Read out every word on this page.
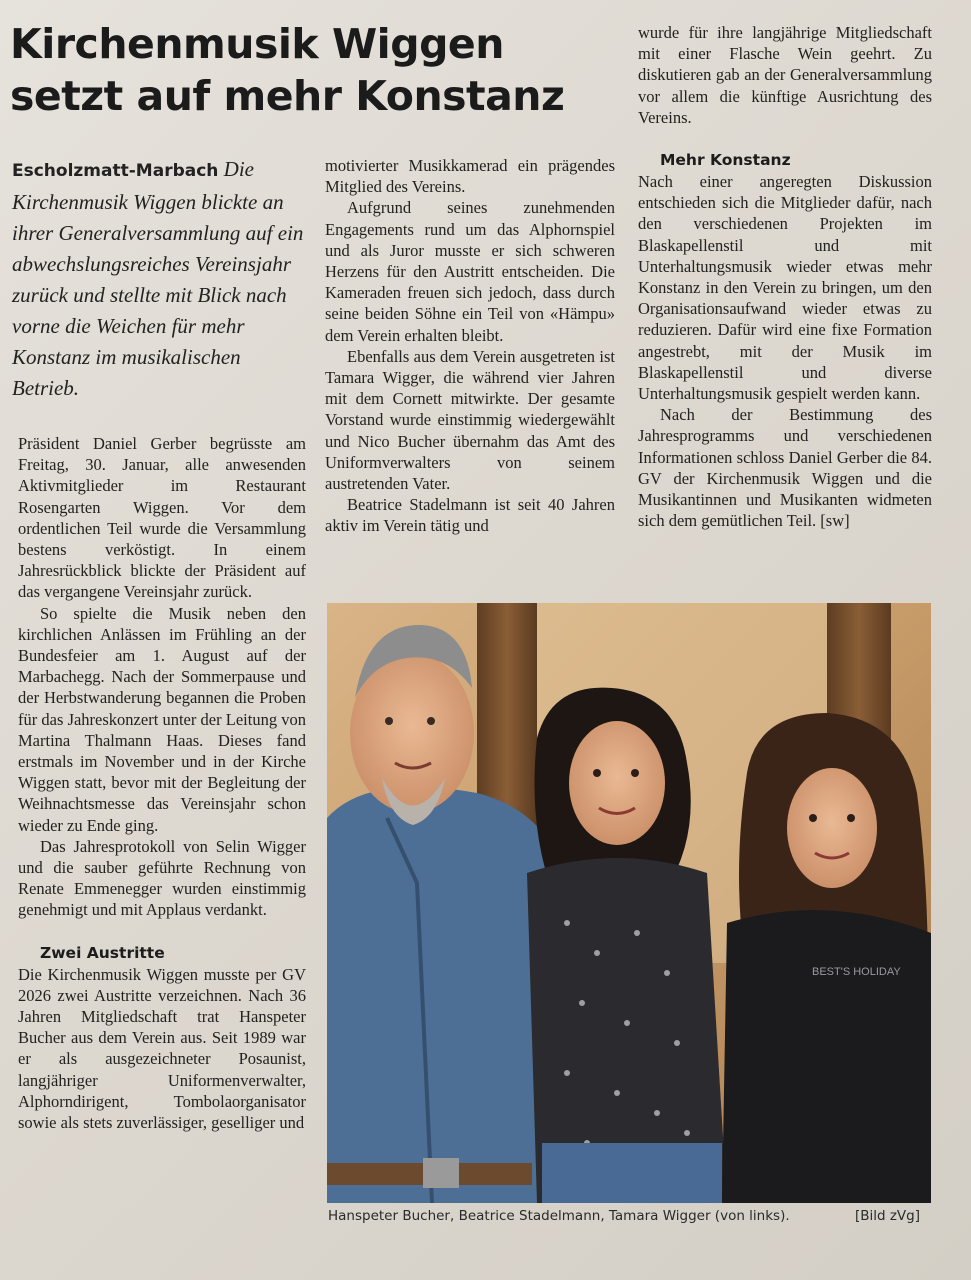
Kirchenmusik Wiggen setzt auf mehr Konstanz
Escholzmatt-Marbach Die Kirchenmusik Wiggen blickte an ihrer Generalversammlung auf ein abwechslungsreiches Vereinsjahr zurück und stellte mit Blick nach vorne die Weichen für mehr Konstanz im musikalischen Betrieb.

Präsident Daniel Gerber begrüsste am Freitag, 30. Januar, alle anwesenden Aktivmitglieder im Restaurant Rosengarten Wiggen. Vor dem ordentlichen Teil wurde die Versammlung bestens verköstigt. In einem Jahresrückblick blickte der Präsident auf das vergangene Vereinsjahr zurück.

So spielte die Musik neben den kirchlichen Anlässen im Frühling an der Bundesfeier am 1. August auf der Marbachegg. Nach der Sommerpause und der Herbstwanderung begannen die Proben für das Jahreskonzert unter der Leitung von Martina Thalmann Haas. Dieses fand erstmals im November und in der Kirche Wiggen statt, bevor mit der Begleitung der Weihnachtsmesse das Vereinsjahr schon wieder zu Ende ging.

Das Jahresprotokoll von Selin Wigger und die sauber geführte Rechnung von Renate Emmenegger wurden einstimmig genehmigt und mit Applaus verdankt.

Zwei Austritte

Die Kirchenmusik Wiggen musste per GV 2026 zwei Austritte verzeichnen. Nach 36 Jahren Mitgliedschaft trat Hanspeter Bucher aus dem Verein aus. Seit 1989 war er als ausgezeichneter Posaunist, langjähriger Uniformenverwalter, Alphorndirigent, Tombolaorganisator sowie als stets zuverlässiger, geselliger und

motivierter Musikkamerad ein prägendes Mitglied des Vereins.

Aufgrund seines zunehmenden Engagements rund um das Alphornspiel und als Juror musste er sich schweren Herzens für den Austritt entscheiden. Die Kameraden freuen sich jedoch, dass durch seine beiden Söhne ein Teil von «Hämpu» dem Verein erhalten bleibt.

Ebenfalls aus dem Verein ausgetreten ist Tamara Wigger, die während vier Jahren mit dem Cornett mitwirkte. Der gesamte Vorstand wurde einstimmig wiedergewählt und Nico Bucher übernahm das Amt des Uniformverwalters von seinem austretenden Vater.

Beatrice Stadelmann ist seit 40 Jahren aktiv im Verein tätig und

wurde für ihre langjährige Mitgliedschaft mit einer Flasche Wein geehrt. Zu diskutieren gab an der Generalversammlung vor allem die künftige Ausrichtung des Vereins.

Mehr Konstanz

Nach einer angeregten Diskussion entschieden sich die Mitglieder dafür, nach den verschiedenen Projekten im Blaskapellenstil und mit Unterhaltungsmusik wieder etwas mehr Konstanz in den Verein zu bringen, um den Organisationsaufwand wieder etwas zu reduzieren. Dafür wird eine fixe Formation angestrebt, mit der Musik im Blaskapellenstil und diverse Unterhaltungsmusik gespielt werden kann.

Nach der Bestimmung des Jahresprogramms und verschiedenen Informationen schloss Daniel Gerber die 84. GV der Kirchenmusik Wiggen und die Musikantinnen und Musikanten widmeten sich dem gemütlichen Teil. [sw]

BEST'S HOLIDAY
Hanspeter Bucher, Beatrice Stadelmann, Tamara Wigger (von links).	[Bild zVg]
